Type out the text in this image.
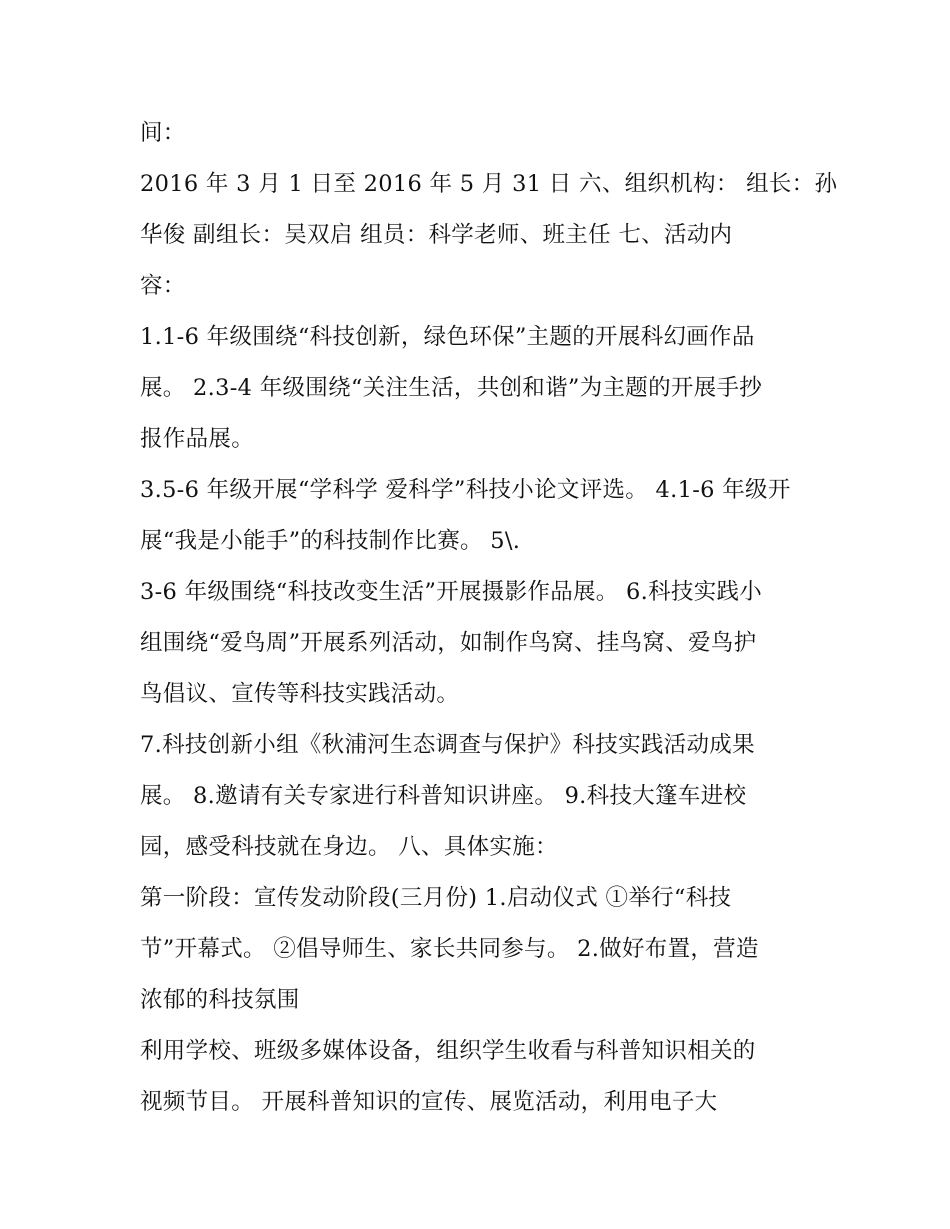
间：
2016 年 3 月 1 日至 2016 年 5 月 31 日 六、组织机构： 组长：孙
华俊 副组长：吴双启 组员：科学老师、班主任 七、活动内
容：
1.1-6 年级围绕“科技创新，绿色环保”主题的开展科幻画作品
展。 2.3-4 年级围绕“关注生活，共创和谐”为主题的开展手抄
报作品展。
3.5-6 年级开展“学科学 爱科学”科技小论文评选。 4.1-6 年级开
展“我是小能手”的科技制作比赛。 5\.
3-6 年级围绕“科技改变生活”开展摄影作品展。 6.科技实践小
组围绕“爱鸟周”开展系列活动，如制作鸟窝、挂鸟窝、爱鸟护
鸟倡议、宣传等科技实践活动。
7.科技创新小组《秋浦河生态调查与保护》科技实践活动成果
展。 8.邀请有关专家进行科普知识讲座。 9.科技大篷车进校
园，感受科技就在身边。 八、具体实施：
第一阶段：宣传发动阶段(三月份) 1.启动仪式 ①举行“科技
节”开幕式。 ②倡导师生、家长共同参与。 2.做好布置，营造
浓郁的科技氛围
利用学校、班级多媒体设备，组织学生收看与科普知识相关的
视频节目。 开展科普知识的宣传、展览活动，利用电子大
